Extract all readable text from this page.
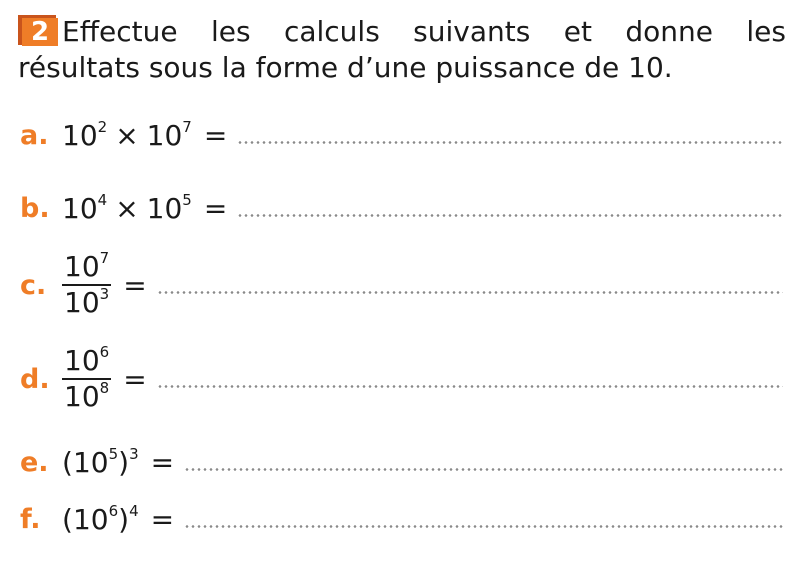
2 Effectue les calculs suivants et donne les
résultats sous la forme d’une puissance de 10.
a. $10^2 \times 10^7$ =
b. $10^4 \times 10^5$ =
c. $\frac{10^7}{10^3}$ =
d. $\frac{10^6}{10^8}$ =
e. $(10^5)^3$ =
f. $(10^6)^4$ =
